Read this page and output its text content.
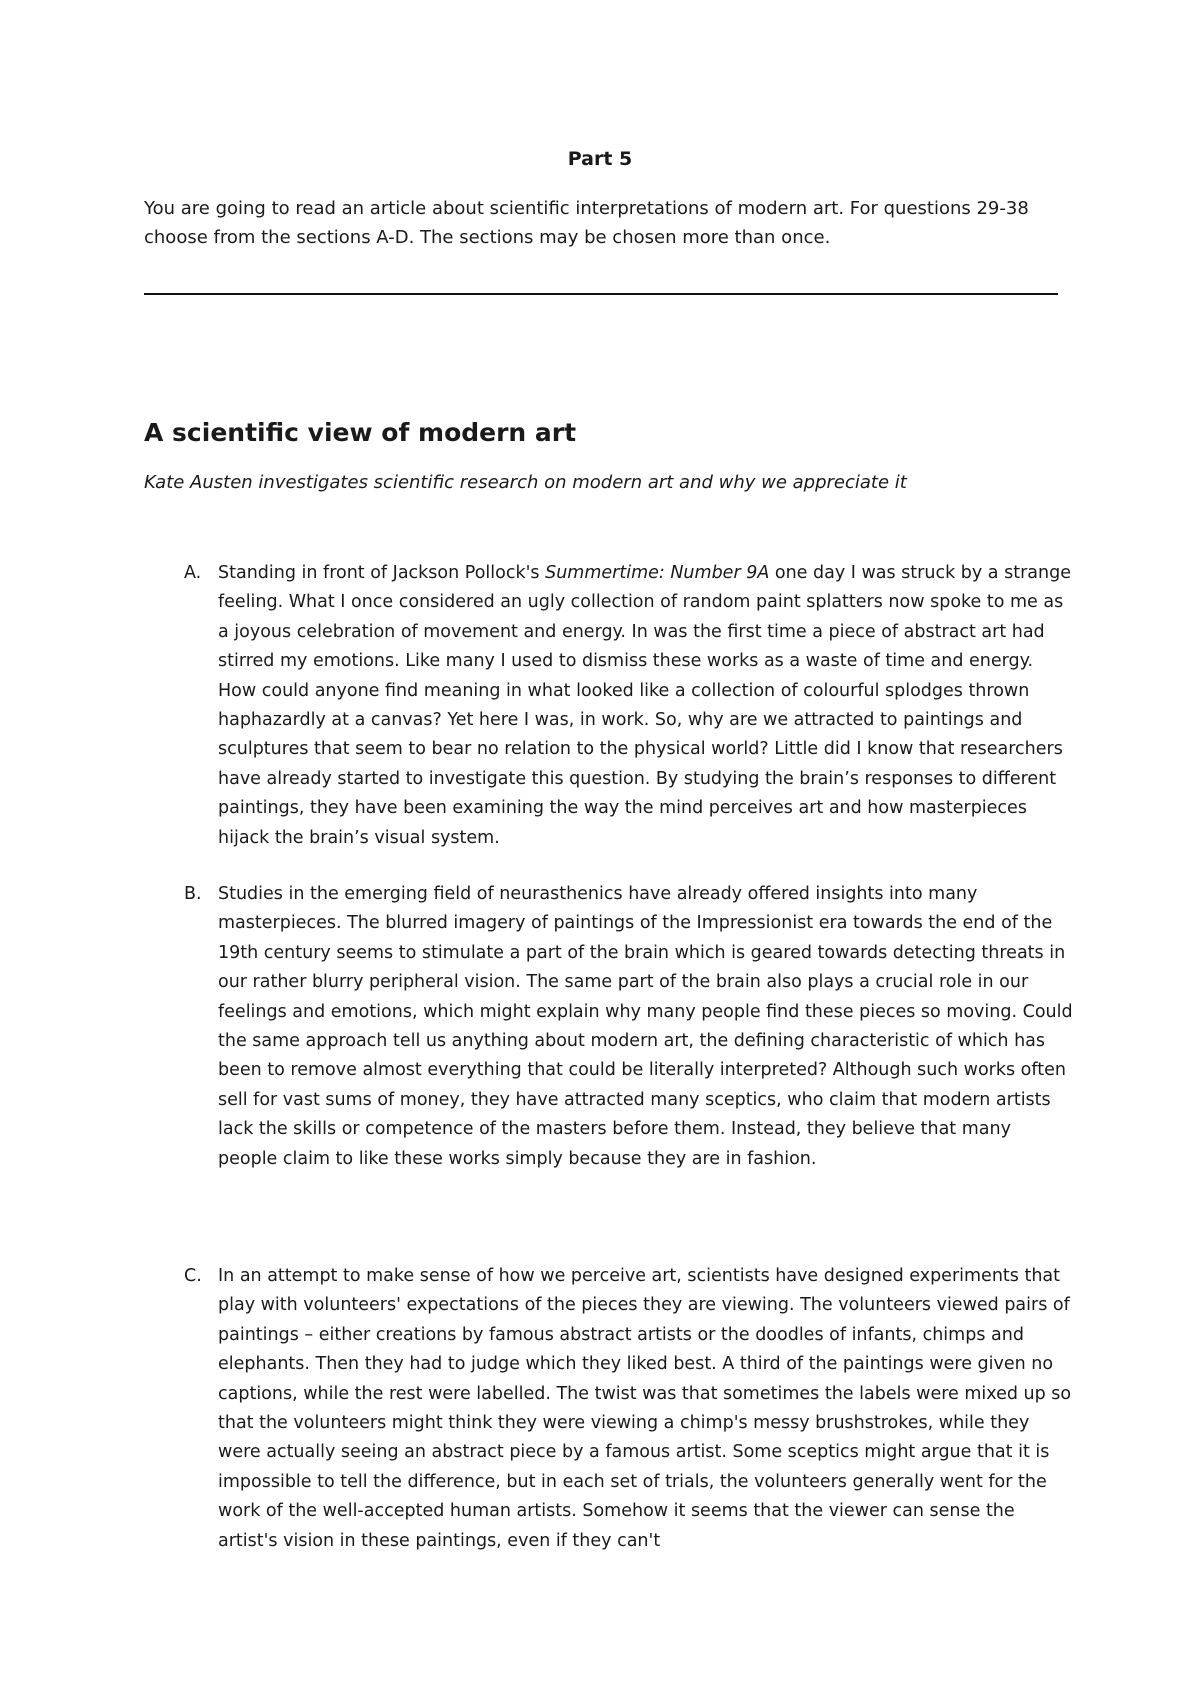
Part 5
You are going to read an article about scientific interpretations of modern art. For questions 29-38 choose from the sections A-D. The sections may be chosen more than once.
A scientific view of modern art
Kate Austen investigates scientific research on modern art and why we appreciate it
A. Standing in front of Jackson Pollock's Summertime: Number 9A one day I was struck by a strange feeling. What I once considered an ugly collection of random paint splatters now spoke to me as a joyous celebration of movement and energy. In was the first time a piece of abstract art had stirred my emotions. Like many I used to dismiss these works as a waste of time and energy. How could anyone find meaning in what looked like a collection of colourful splodges thrown haphazardly at a canvas? Yet here I was, in work. So, why are we attracted to paintings and sculptures that seem to bear no relation to the physical world? Little did I know that researchers have already started to investigate this question. By studying the brain’s responses to different paintings, they have been examining the way the mind perceives art and how masterpieces hijack the brain’s visual system.
B. Studies in the emerging field of neurasthenics have already offered insights into many masterpieces. The blurred imagery of paintings of the Impressionist era towards the end of the 19th century seems to stimulate a part of the brain which is geared towards detecting threats in our rather blurry peripheral vision. The same part of the brain also plays a crucial role in our feelings and emotions, which might explain why many people find these pieces so moving. Could the same approach tell us anything about modern art, the defining characteristic of which has been to remove almost everything that could be literally interpreted? Although such works often sell for vast sums of money, they have attracted many sceptics, who claim that modern artists lack the skills or competence of the masters before them. Instead, they believe that many people claim to like these works simply because they are in fashion.
C. In an attempt to make sense of how we perceive art, scientists have designed experiments that play with volunteers' expectations of the pieces they are viewing. The volunteers viewed pairs of paintings – either creations by famous abstract artists or the doodles of infants, chimps and elephants. Then they had to judge which they liked best. A third of the paintings were given no captions, while the rest were labelled. The twist was that sometimes the labels were mixed up so that the volunteers might think they were viewing a chimp's messy brushstrokes, while they were actually seeing an abstract piece by a famous artist. Some sceptics might argue that it is impossible to tell the difference, but in each set of trials, the volunteers generally went for the work of the well-accepted human artists. Somehow it seems that the viewer can sense the artist's vision in these paintings, even if they can't
